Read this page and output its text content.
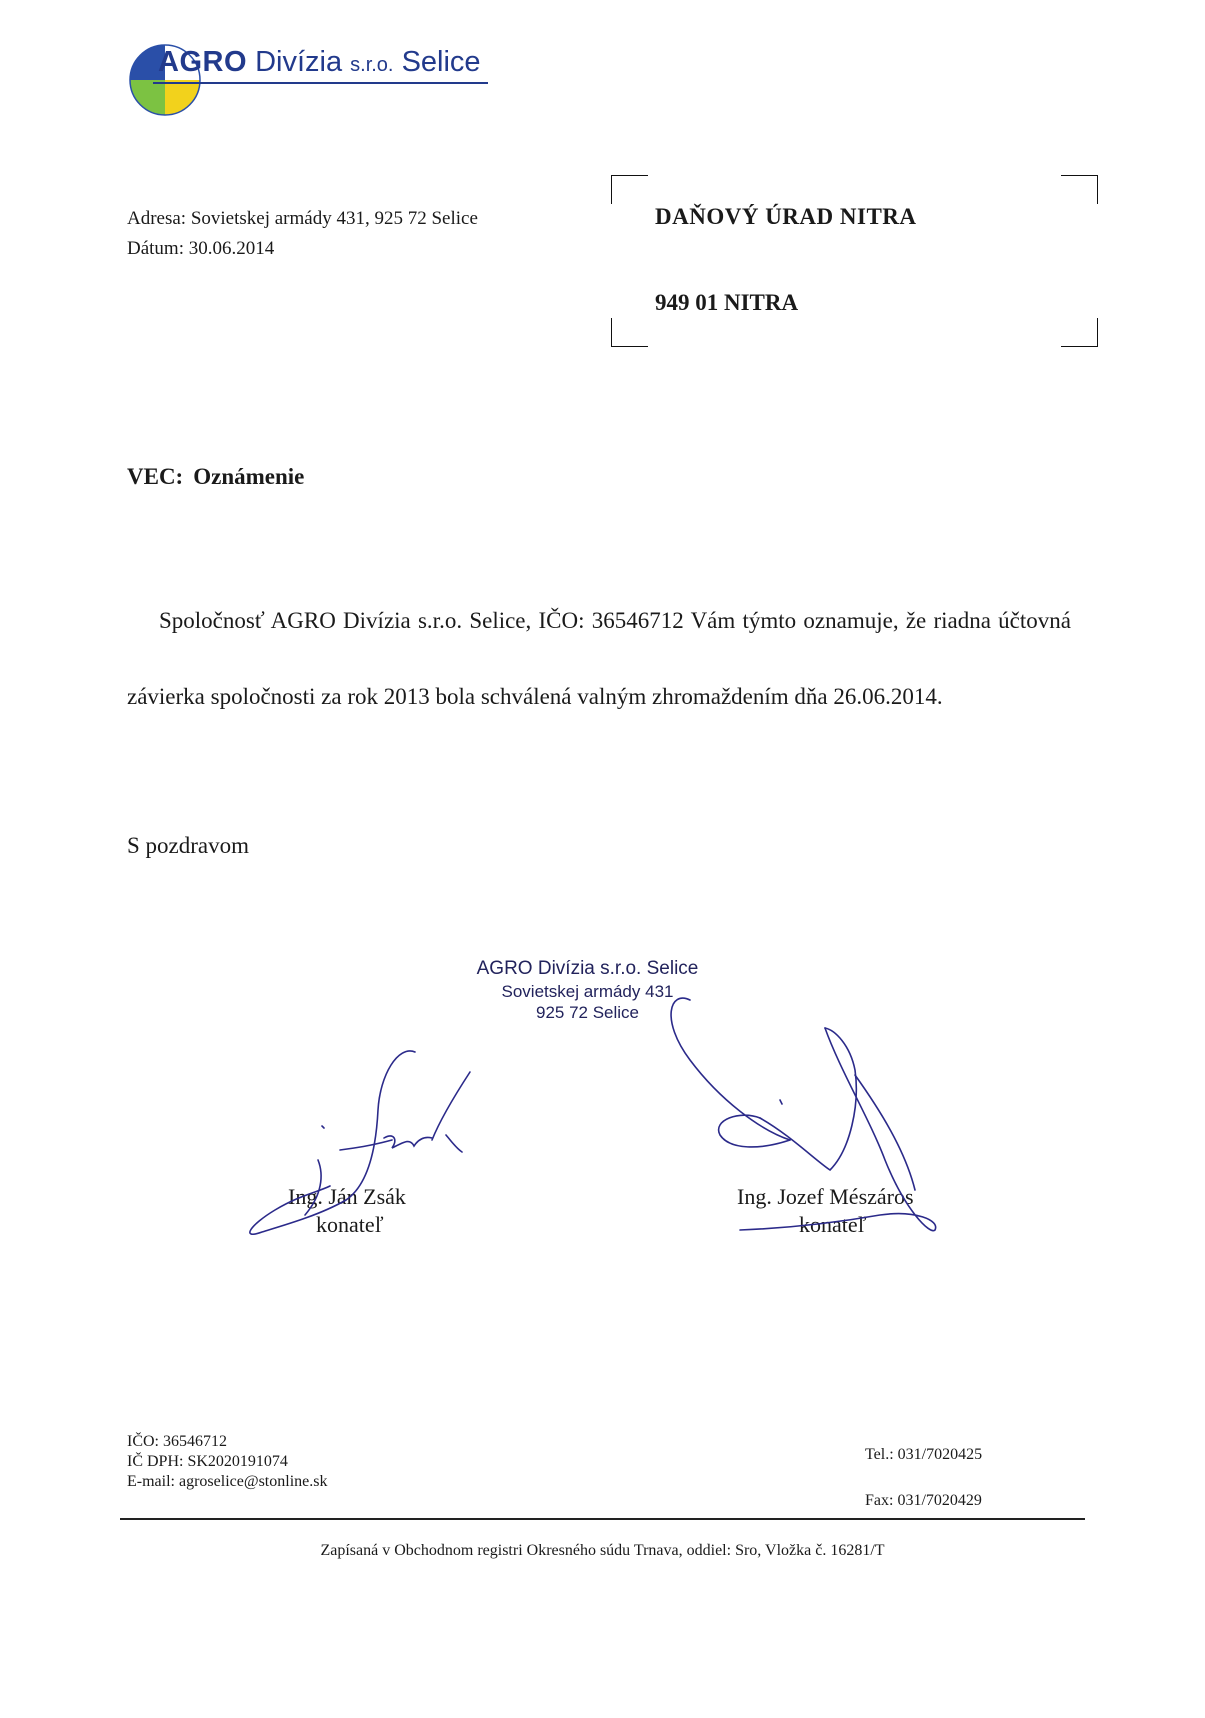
AGRO Divízia s.r.o. Selice
Adresa: Sovietskej armády 431, 925 72 Selice
Dátum: 30.06.2014
DAŇOVÝ ÚRAD NITRA
949 01 NITRA
VEC: Oznámenie
Spoločnosť AGRO Divízia s.r.o. Selice, IČO: 36546712 Vám týmto oznamuje, že riadna účtovná závierka spoločnosti za rok 2013 bola schválená valným zhromaždením dňa 26.06.2014.
S pozdravom
AGRO Divízia s.r.o. Selice
Sovietskej armády 431
925 72 Selice
Ing. Ján Zsák
konateľ
Ing. Jozef Mészáros
konateľ
IČO: 36546712
IČ DPH: SK2020191074
E-mail: agroselice@stonline.sk
Tel.: 031/7020425
Fax: 031/7020429
Zapísaná v Obchodnom registri Okresného súdu Trnava, oddiel: Sro, Vložka č. 16281/T
